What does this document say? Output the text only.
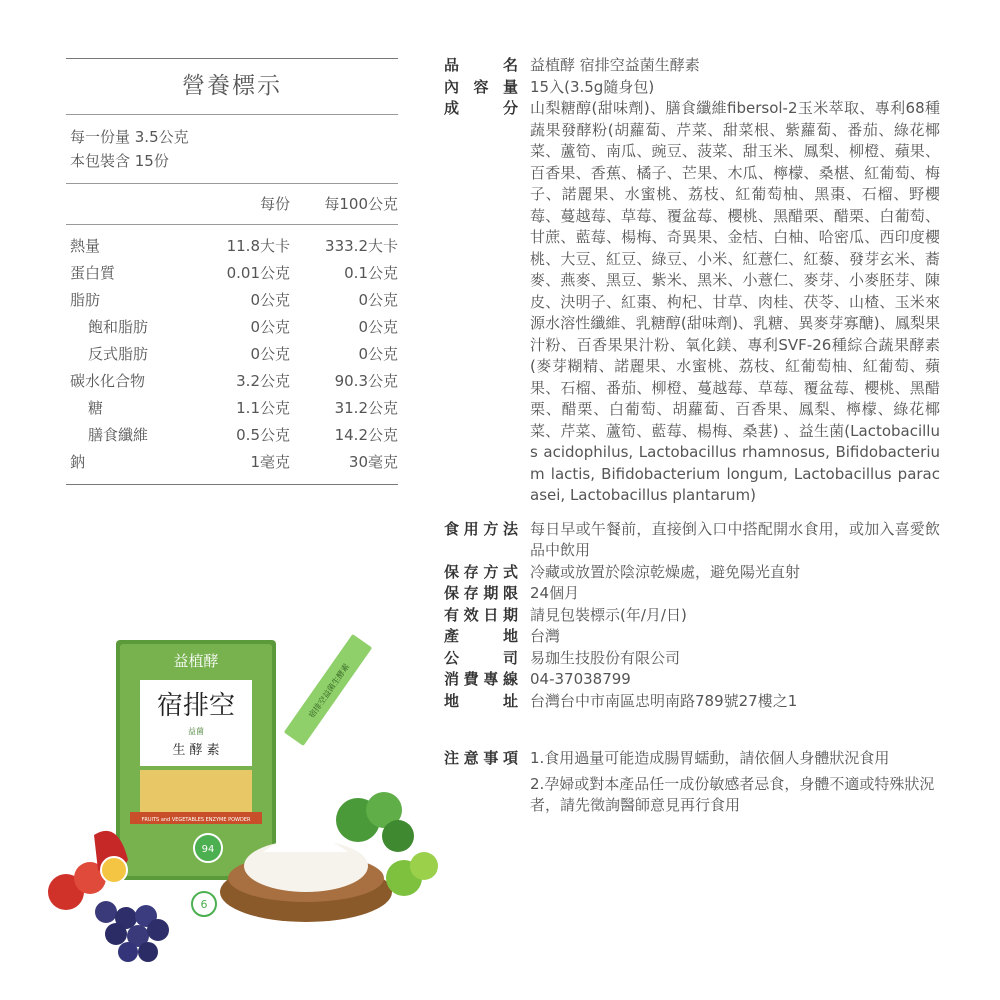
營養標示
每一份量 3.5公克
本包裝含 15份
每份	每100公克
熱量	11.8大卡	333.2大卡
蛋白質	0.01公克	0.1公克
脂肪	0公克	0公克
飽和脂肪	0公克	0公克
反式脂肪	0公克	0公克
碳水化合物	3.2公克	90.3公克
糖	1.1公克	31.2公克
膳食纖維	0.5公克	14.2公克
鈉	1毫克	30毫克
品	名 益植酵 宿排空益菌生酵素
內 容 量 15入(3.5g隨身包)
成	分 山梨糖醇(甜味劑)、膳食纖維fibersol-2玉米萃取、專利68種蔬果發酵粉(胡蘿蔔、芹菜、甜菜根、紫蘿蔔、番茄、綠花椰菜、蘆筍、南瓜、豌豆、菠菜、甜玉米、鳳梨、柳橙、蘋果、百香果、香蕉、橘子、芒果、木瓜、檸檬、桑椹、紅葡萄、梅子、諾麗果、水蜜桃、荔枝、紅葡萄柚、黑棗、石榴、野櫻莓、蔓越莓、草莓、覆盆莓、櫻桃、黑醋栗、醋栗、白葡萄、甘蔗、藍莓、楊梅、奇異果、金桔、白柚、哈密瓜、西印度櫻桃、大豆、紅豆、綠豆、小米、紅薏仁、紅藜、發芽玄米、蕎麥、燕麥、黑豆、紫米、黑米、小薏仁、麥芽、小麥胚芽、陳皮、決明子、紅棗、枸杞、甘草、肉桂、茯苓、山楂、玉米來源水溶性纖維、乳糖醇(甜味劑)、乳糖、異麥芽寡醣)、鳳梨果汁粉、百香果果汁粉、氧化鎂、專利SVF-26種綜合蔬果酵素(麥芽糊精、諾麗果、水蜜桃、荔枝、紅葡萄柚、紅葡萄、蘋果、石榴、番茄、柳橙、蔓越莓、草莓、覆盆莓、櫻桃、黑醋栗、醋栗、白葡萄、胡蘿蔔、百香果、鳳梨、檸檬、綠花椰菜、芹菜、蘆筍、藍莓、楊梅、桑葚) 、益生菌(Lactobacillus acidophilus, Lactobacillus rhamnosus, Bifidobacterium lactis, Bifidobacterium longum, Lactobacillus paracasei, Lactobacillus plantarum)
食 用 方 法 每日早或午餐前，直接倒入口中搭配開水食用，或加入喜愛飲品中飲用
保 存 方 式 冷藏或放置於陰涼乾燥處，避免陽光直射
保 存 期 限 24個月
有 效 日 期 請見包裝標示(年/月/日)
產	地 台灣
公	司 易珈生技股份有限公司
消 費 專 線 04-37038799
地	址 台灣台中市南區忠明南路789號27樓之1
注 意 事 項 1.食用過量可能造成腸胃蠕動，請依個人身體狀況食用
2.孕婦或對本產品任一成份敏感者忌食，身體不適或特殊狀況者，請先徵詢醫師意見再行食用
益植酵
宿排空
益菌
生 酵 素
FRUITS and VEGETABLES ENZYME POWDER
94
宿排空益菌生酵素
6
